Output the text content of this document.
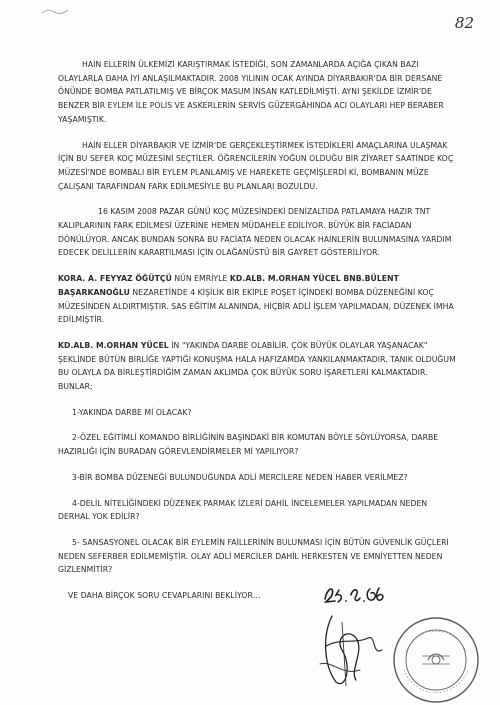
82

HAİN ELLERİN ÜLKEMİZİ KARIŞTIRMAK İSTEDİĞİ, SON ZAMANLARDA AÇIĞA ÇIKAN BAZI OLAYLARLA DAHA İYİ ANLAŞILMAKTADIR. 2008 YILININ OCAK AYINDA DİYARBAKIR'DA BİR DERSANE ÖNÜNDE BOMBA PATLATILMIŞ VE BİRÇOK MASUM İNSAN KATLEDİLMİŞTİ. AYNI ŞEKİLDE İZMİR'DE BENZER BİR EYLEM İLE POLİS VE ASKERLERİN SERVİS GÜZERGÂHINDA ACI OLAYLARI HEP BERABER YAŞAMIŞTIK.

HAİN ELLER DİYARBAKIR VE İZMİR'DE GERÇEKLEŞTİRMEK İSTEDİKLERİ AMAÇLARINA ULAŞMAK İÇİN BU SEFER KOÇ MÜZESİNİ SEÇTİLER. ÖĞRENCİLERİN YOĞUN OLDUĞU BİR ZİYARET SAATİNDE KOÇ MÜZESİ'NDE BOMBALI BİR EYLEM PLANLAMIŞ VE HAREKETE GEÇMİŞLERDİ Kİ, BOMBANIN MÜZE ÇALIŞANI TARAFINDAN FARK EDİLMESİYLE BU PLANLARI BOZULDU.

16 KASIM 2008 PAZAR GÜNÜ KOÇ MÜZESİNDEKİ DENİZALTIDA PATLAMAYA HAZIR TNT KALIPLARININ FARK EDİLMESİ ÜZERİNE HEMEN MÜDAHELE EDİLİYOR. BÜYÜK BİR FACİADAN DÖNÜLÜYOR. ANCAK BUNDAN SONRA BU FACİATA NEDEN OLACAK HAİNLERİN BULUNMASINA YARDIM EDECEK DELİLLERİN KARARTILMASI İÇİN OLAĞANÜSTÜ BİR GAYRET GÖSTERİLİYOR.

KORA. A. FEYYAZ ÖĞÜTÇÜ NÜN EMRİYLE KD.ALB. M.ORHAN YÜCEL BNB.BÜLENT BAŞARKANOĞLU NEZARETİNDE 4 KİŞİLİK BİR EKİPLE POŞET İÇİNDEKİ BOMBA DÜZENEĞİNİ KOÇ MÜZESİNDEN ALDIRTMIŞTIR. SAS EĞİTİM ALANINDA, HİÇBİR ADLİ İŞLEM YAPILMADAN, DÜZENEK İMHA EDİLMİŞTİR.

KD.ALB. M.ORHAN YÜCEL İN "YAKINDA DARBE OLABİLİR. ÇOK BÜYÜK OLAYLAR YAŞANACAK" ŞEKLİNDE BÜTÜN BİRLİĞE YAPTIĞI KONUŞMA HALA HAFIZAMDA YANKILANMAKTADIR. TANIK OLDUĞUM BU OLAYLA DA BİRLEŞTİRDİĞİM ZAMAN AKLIMDA ÇOK BÜYÜK SORU İŞARETLERİ KALMAKTADIR. BUNLAR;

1-YAKINDA DARBE Mİ OLACAK?

2-ÖZEL EĞİTİMLİ KOMANDO BİRLİĞİNİN BAŞINDAKİ BİR KOMUTAN BÖYLE SÖYLÜYORSA, DARBE HAZIRLIĞI İÇİN BURADAN GÖREVLENDİRMELER Mİ YAPILIYOR?

3-BİR BOMBA DÜZENEĞİ BULUNDUĞUNDA ADLİ MERCİLERE NEDEN HABER VERİLMEZ?

4-DELİL NİTELİĞİNDEKİ DÜZENEK PARMAK İZLERİ DAHİL İNCELEMELER YAPILMADAN NEDEN DERHAL YOK EDİLİR?

5- SANSASYONEL OLACAK BİR EYLEMİN FAİLLERİNİN BULUNMASI İÇİN BÜTÜN GÜVENLİK GÜÇLERİ NEDEN SEFERBER EDİLMEMİŞTİR. OLAY ADLİ MERCİLER DAHİL HERKESTEN VE EMNİYETTEN NEDEN GİZLENMİTİR?

VE DAHA BİRÇOK SORU CEVAPLARINI BEKLİYOR…
